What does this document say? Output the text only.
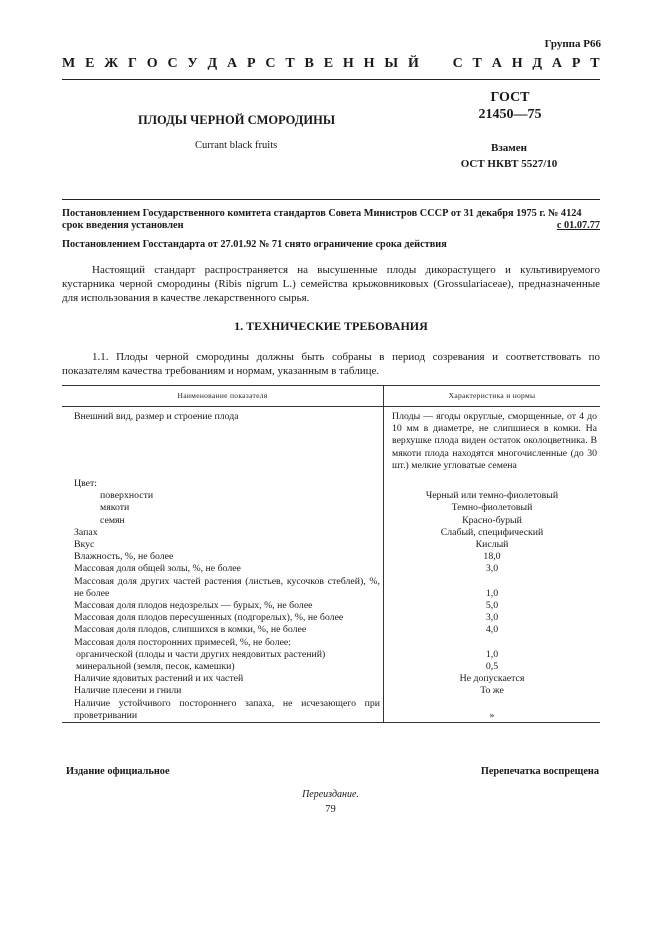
Группа Р66
М Е Ж Г О С У Д А Р С Т В Е Н Н Ы Й С Т А Н Д А Р Т
ПЛОДЫ ЧЕРНОЙ СМОРОДИНЫ
Currant black fruits
ГОСТ
21450—75
Взамен
ОСТ НКВТ 5527/10
Постановлением Государственного комитета стандартов Совета Министров СССР от 31 декабря 1975 г. № 4124
срок введения установлен	с 01.07.77
Постановлением Госстандарта от 27.01.92 № 71 снято ограничение срока действия
Настоящий стандарт распространяется на высушенные плоды дикорастущего и культивируемого кустарника черной смородины (Ribis nigrum L.) семейства крыжовниковых (Grossulariaceae), предназначенные для использования в качестве лекарственного сырья.
1. ТЕХНИЧЕСКИЕ ТРЕБОВАНИЯ
1.1. Плоды черной смородины должны быть собраны в период созревания и соответствовать по показателям качества требованиям и нормам, указанным в таблице.
Наименование показателя	Характеристика и нормы
Внешний вид, размер и строение плода	Плоды — ягоды округлые, сморщенные, от 4 до 10 мм в диаметре, не слипшиеся в комки. На верхушке плода виден остаток околоцветника. В мякоти плода находятся многочисленные (до 30 шт.) мелкие угловатые семена
Цвет:	
поверхности	Черный или темно-фиолетовый
мякоти	Темно-фиолетовый
семян	Красно-бурый
Запах	Слабый, специфический
Вкус	Кислый
Влажность, %, не более	18,0
Массовая доля общей золы, %, не более	3,0
Массовая доля других частей растения (листьев, кусочков стеблей), %, не более	1,0
Массовая доля плодов недозрелых — бурых, %, не более	5,0
Массовая доля плодов пересушенных (подгорелых), %, не более	3,0
Массовая доля плодов, слипшихся в комки, %, не более	4,0
Массовая доля посторонних примесей, %, не более:	
органической (плоды и части других неядовитых растений)	1,0
минеральной (земля, песок, камешки)	0,5
Наличие ядовитых растений и их частей	Не допускается
Наличие плесени и гнили	То же
Наличие устойчивого постороннего запаха, не исчезающего при проветривании	»
Издание официальное	Перепечатка воспрещена
Переиздание.
79
